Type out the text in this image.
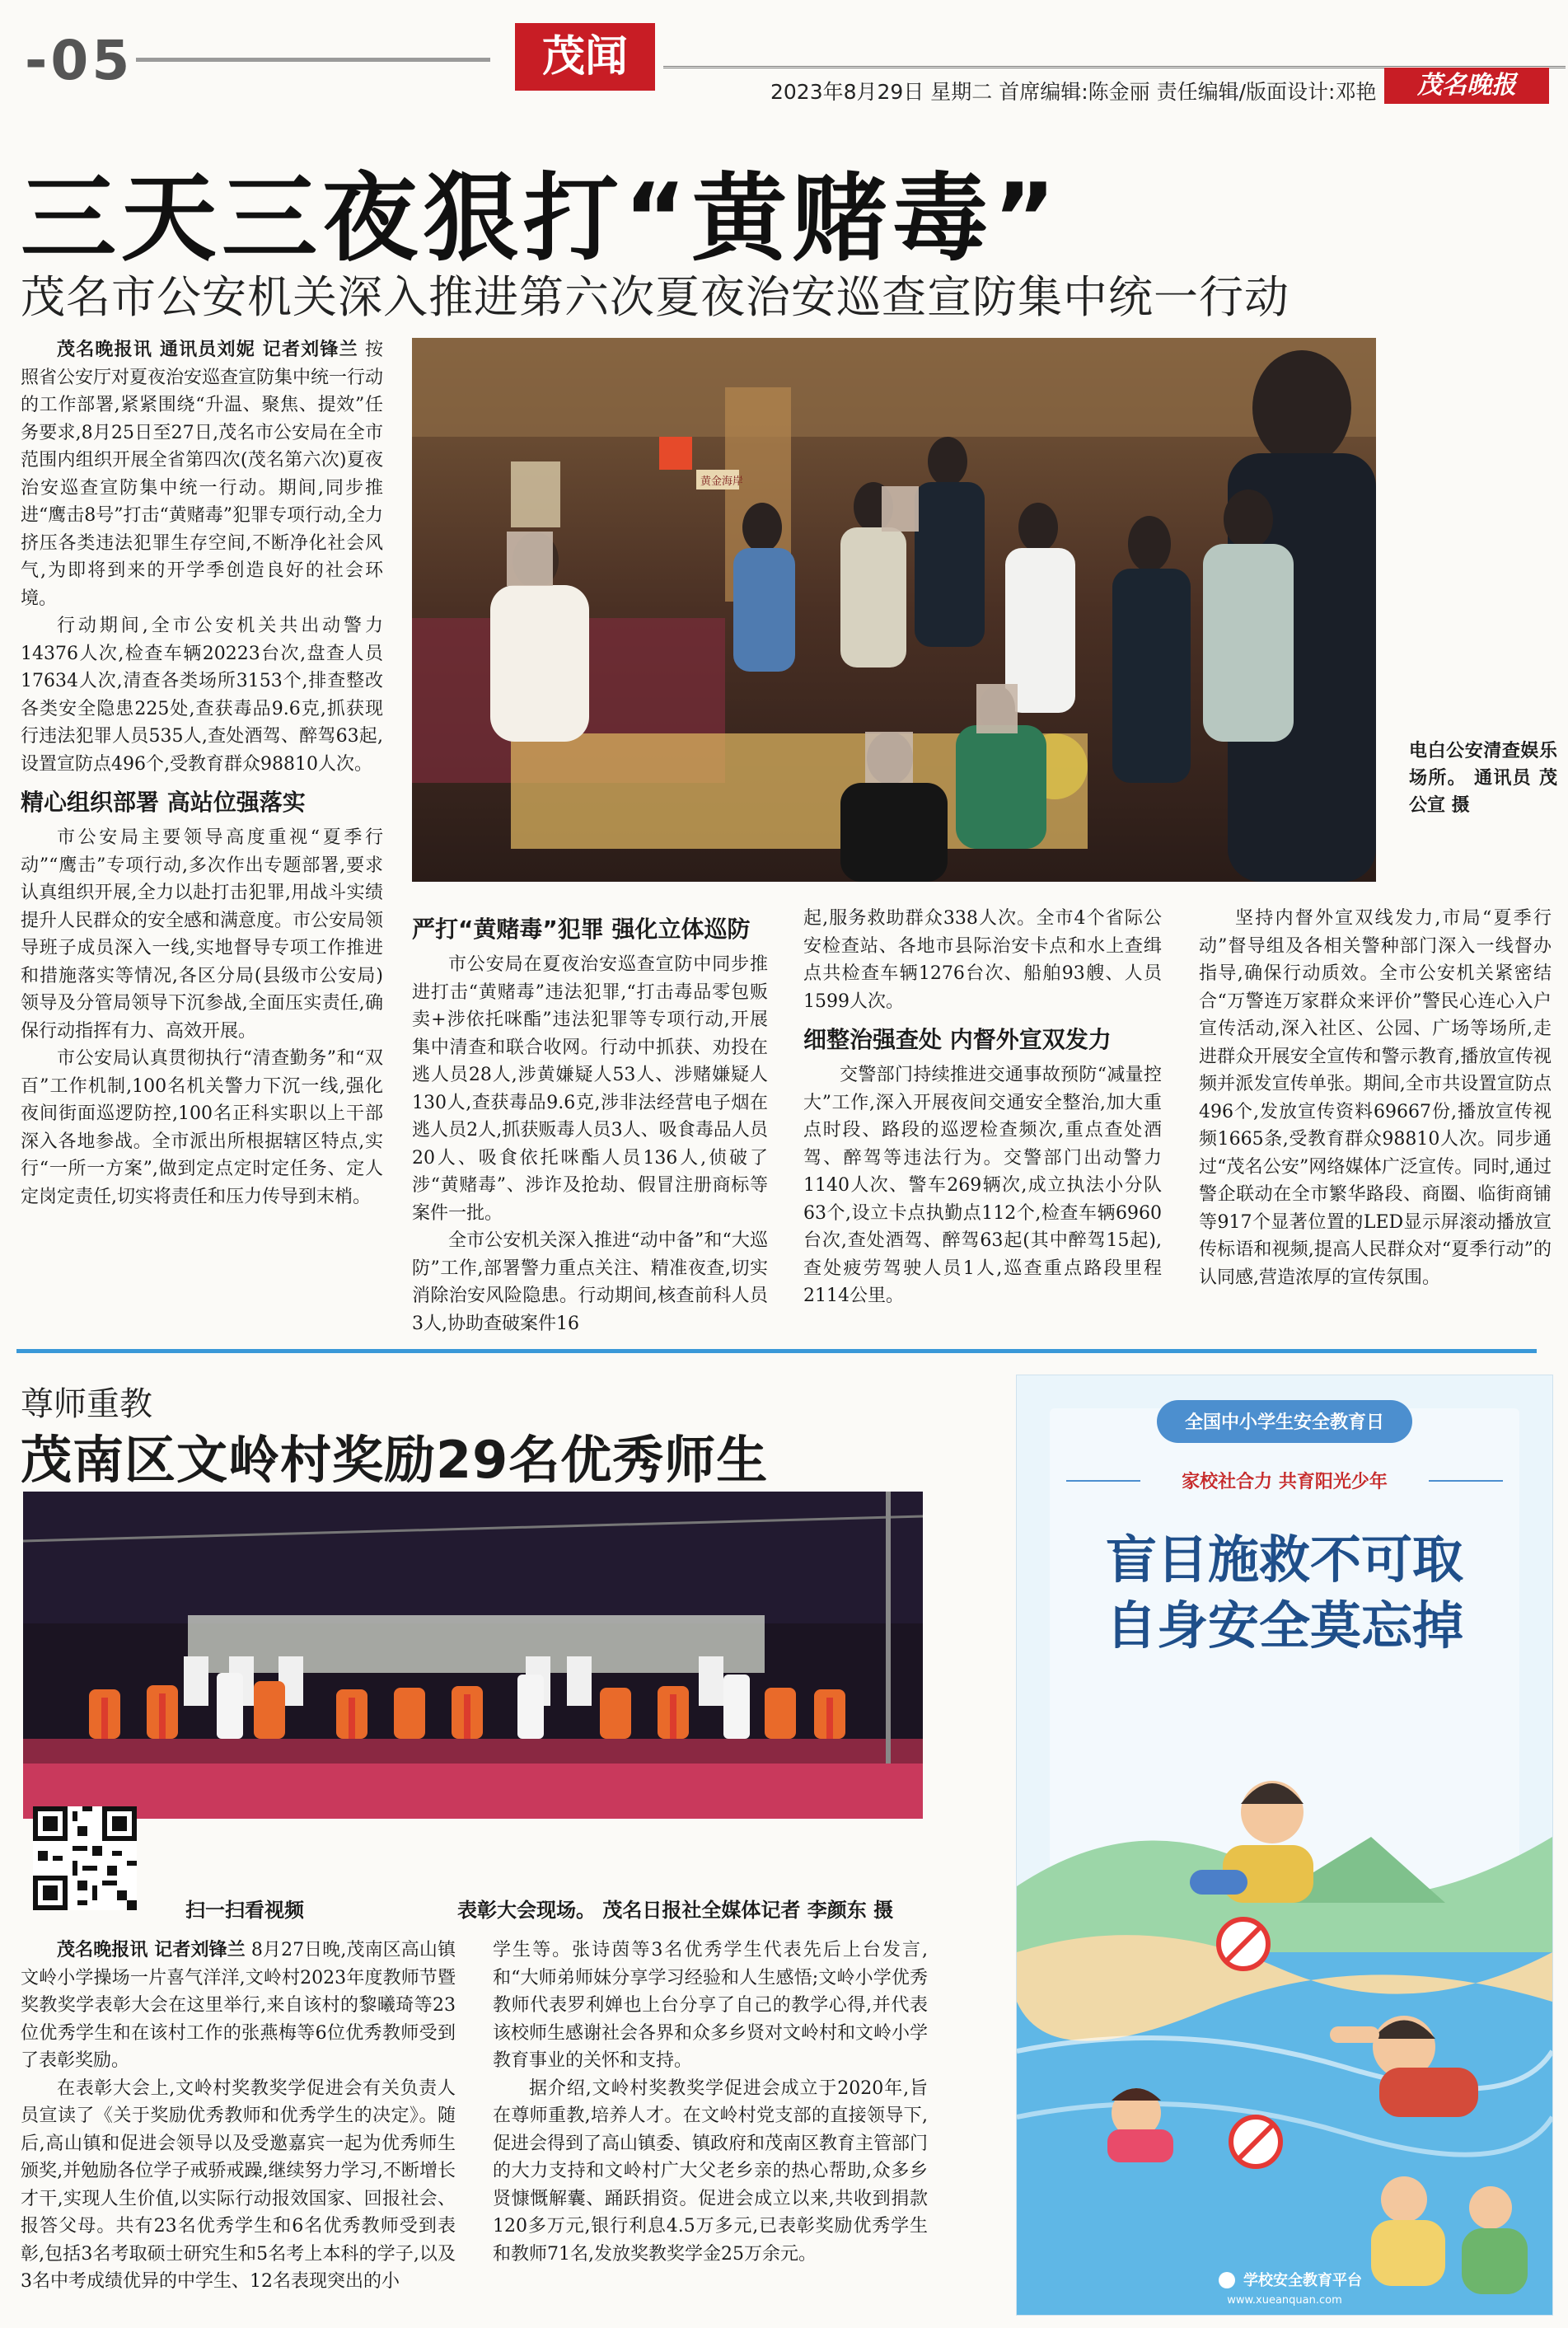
-05	茂闻
2023年8月29日 星期二 首席编辑:陈金丽 责任编辑/版面设计:邓艳	茂名晚报
三天三夜狠打“黄赌毒”
茂名市公安机关深入推进第六次夏夜治安巡查宣防集中统一行动

茂名晚报讯 通讯员刘妮 记者刘锋兰 按照省公安厅对夏夜治安巡查宣防集中统一行动的工作部署,紧紧围绕“升温、聚焦、提效”任务要求,8月25日至27日,茂名市公安局在全市范围内组织开展全省第四次(茂名第六次)夏夜治安巡查宣防集中统一行动。期间,同步推进“鹰击8号”打击“黄赌毒”犯罪专项行动,全力挤压各类违法犯罪生存空间,不断净化社会风气,为即将到来的开学季创造良好的社会环境。

行动期间,全市公安机关共出动警力14376人次,检查车辆20223台次,盘查人员17634人次,清查各类场所3153个,排查整改各类安全隐患225处,查获毒品9.6克,抓获现行违法犯罪人员535人,查处酒驾、醉驾63起,设置宣防点496个,受教育群众98810人次。

精心组织部署 高站位强落实

市公安局主要领导高度重视“夏季行动”“鹰击”专项行动,多次作出专题部署,要求认真组织开展,全力以赴打击犯罪,用战斗实绩提升人民群众的安全感和满意度。市公安局领导班子成员深入一线,实地督导专项工作推进和措施落实等情况,各区分局(县级市公安局)领导及分管局领导下沉参战,全面压实责任,确保行动指挥有力、高效开展。

市公安局认真贯彻执行“清查勤务”和“双百”工作机制,100名机关警力下沉一线,强化夜间街面巡逻防控,100名正科实职以上干部深入各地参战。全市派出所根据辖区特点,实行“一所一方案”,做到定点定时定任务、定人定岗定责任,切实将责任和压力传导到末梢。

黄金海岸
电白公安清查娱乐场所。 通讯员 茂公宣 摄

严打“黄赌毒”犯罪 强化立体巡防

市公安局在夏夜治安巡查宣防中同步推进打击“黄赌毒”违法犯罪,“打击毒品零包贩卖+涉依托咪酯”违法犯罪等专项行动,开展集中清查和联合收网。行动中抓获、劝投在逃人员28人,涉黄嫌疑人53人、涉赌嫌疑人130人,查获毒品9.6克,涉非法经营电子烟在逃人员2人,抓获贩毒人员3人、吸食毒品人员20人、吸食依托咪酯人员136人,侦破了涉“黄赌毒”、涉诈及抢劫、假冒注册商标等案件一批。

全市公安机关深入推进“动中备”和“大巡防”工作,部署警力重点关注、精准夜查,切实消除治安风险隐患。行动期间,核查前科人员3人,协助查破案件16

起,服务救助群众338人次。全市4个省际公安检查站、各地市县际治安卡点和水上查缉点共检查车辆1276台次、船舶93艘、人员1599人次。

细整治强查处 内督外宣双发力

交警部门持续推进交通事故预防“减量控大”工作,深入开展夜间交通安全整治,加大重点时段、路段的巡逻检查频次,重点查处酒驾、醉驾等违法行为。交警部门出动警力1140人次、警车269辆次,成立执法小分队63个,设立卡点执勤点112个,检查车辆6960台次,查处酒驾、醉驾63起(其中醉驾15起),查处疲劳驾驶人员1人,巡查重点路段里程2114公里。

坚持内督外宣双线发力,市局“夏季行动”督导组及各相关警种部门深入一线督办指导,确保行动质效。全市公安机关紧密结合“万警连万家群众来评价”警民心连心入户宣传活动,深入社区、公园、广场等场所,走进群众开展安全宣传和警示教育,播放宣传视频并派发宣传单张。期间,全市共设置宣防点496个,发放宣传资料69667份,播放宣传视频1665条,受教育群众98810人次。同步通过“茂名公安”网络媒体广泛宣传。同时,通过警企联动在全市繁华路段、商圈、临街商铺等917个显著位置的LED显示屏滚动播放宣传标语和视频,提高人民群众对“夏季行动”的认同感,营造浓厚的宣传氛围。

尊师重教
茂南区文岭村奖励29名优秀师生
扫一扫看视频	表彰大会现场。 茂名日报社全媒体记者 李颜东 摄

茂名晚报讯 记者刘锋兰 8月27日晚,茂南区高山镇文岭小学操场一片喜气洋洋,文岭村2023年度教师节暨奖教奖学表彰大会在这里举行,来自该村的黎曦琦等23位优秀学生和在该村工作的张燕梅等6位优秀教师受到了表彰奖励。

在表彰大会上,文岭村奖教奖学促进会有关负责人员宣读了《关于奖励优秀教师和优秀学生的决定》。随后,高山镇和促进会领导以及受邀嘉宾一起为优秀师生颁奖,并勉励各位学子戒骄戒躁,继续努力学习,不断增长才干,实现人生价值,以实际行动报效国家、回报社会、报答父母。共有23名优秀学生和6名优秀教师受到表彰,包括3名考取硕士研究生和5名考上本科的学子,以及3名中考成绩优异的中学生、12名表现突出的小

学生等。张诗茵等3名优秀学生代表先后上台发言,和“大师弟师妹分享学习经验和人生感悟;文岭小学优秀教师代表罗利婵也上台分享了自己的教学心得,并代表该校师生感谢社会各界和众多乡贤对文岭村和文岭小学教育事业的关怀和支持。

据介绍,文岭村奖教奖学促进会成立于2020年,旨在尊师重教,培养人才。在文岭村党支部的直接领导下,促进会得到了高山镇委、镇政府和茂南区教育主管部门的大力支持和文岭村广大父老乡亲的热心帮助,众多乡贤慷慨解囊、踊跃捐资。促进会成立以来,共收到捐款120多万元,银行利息4.5万多元,已表彰奖励优秀学生和教师71名,发放奖教奖学金25万余元。

全国中小学生安全教育日
家校社合力 共育阳光少年
盲目施救不可取
自身安全莫忘掉
学校安全教育平台
www.xueanquan.com
